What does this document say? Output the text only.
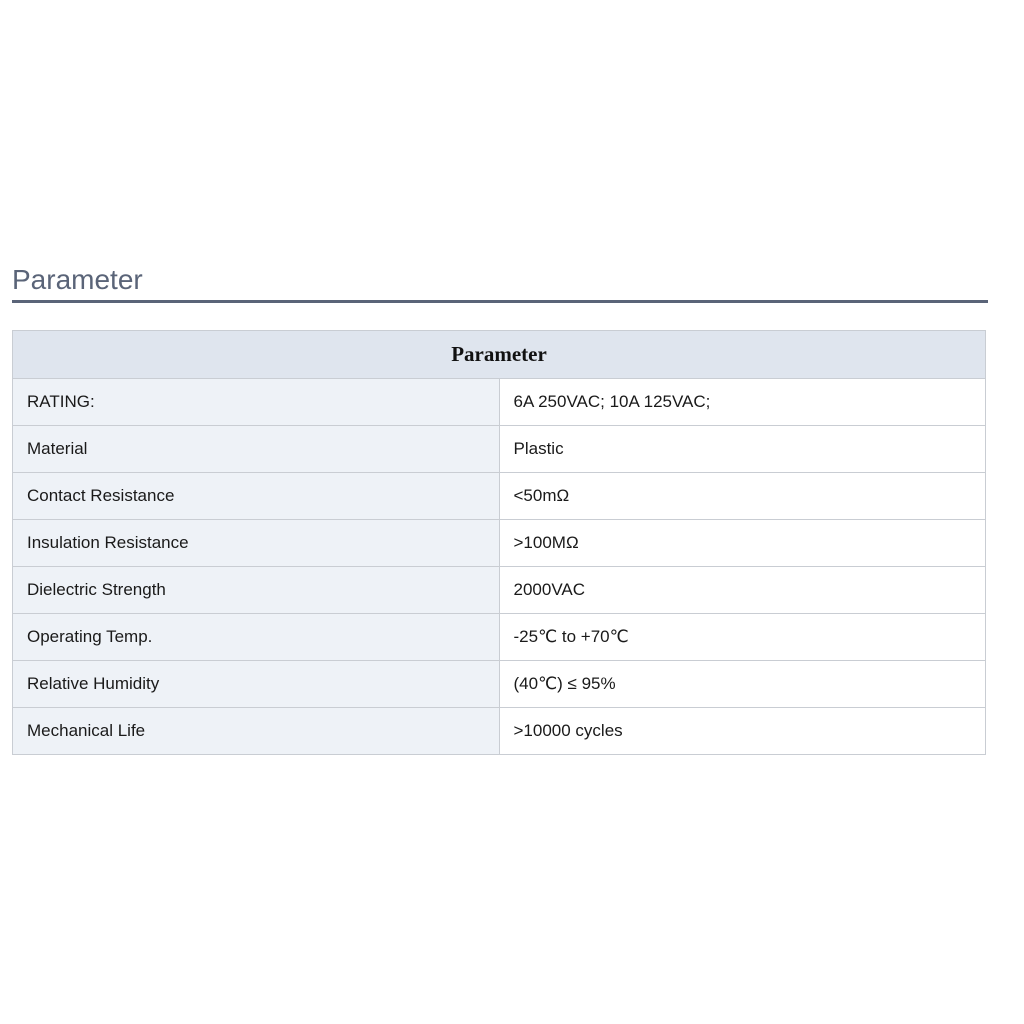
Parameter
Parameter	
RATING:	6A 250VAC; 10A 125VAC;
Material	Plastic
Contact Resistance	<50mΩ
Insulation Resistance	>100MΩ
Dielectric Strength	2000VAC
Operating Temp.	-25℃ to +70℃
Relative Humidity	(40℃) ≤ 95%
Mechanical Life	>10000 cycles
